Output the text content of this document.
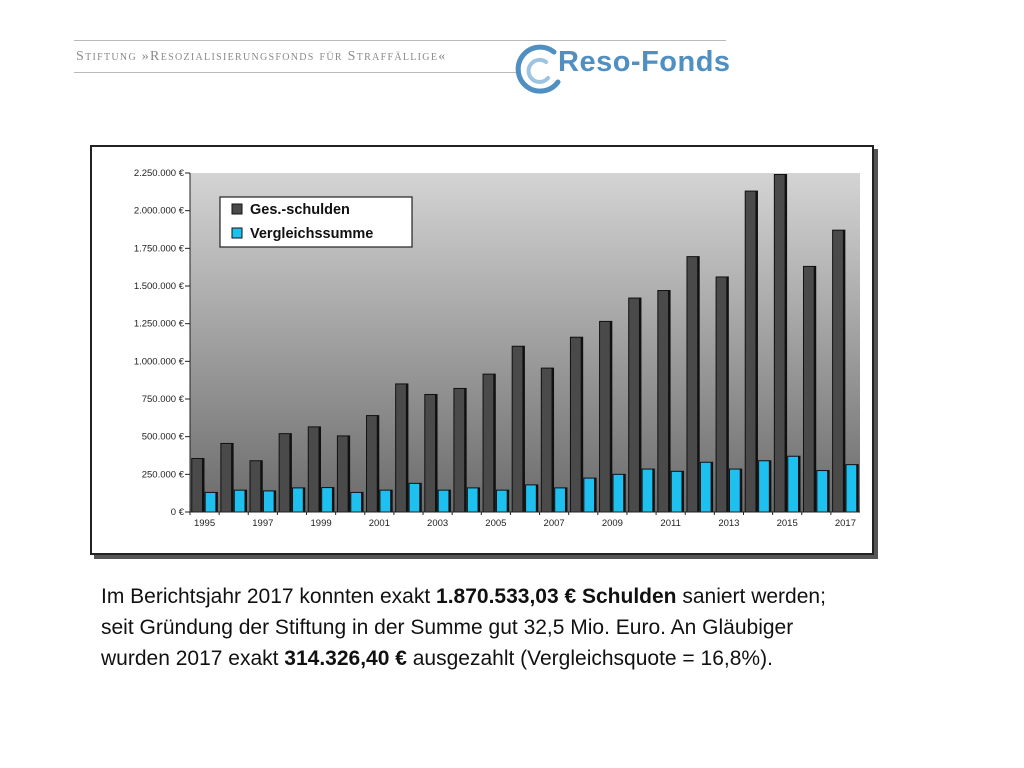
Stiftung »Resozialisierungsfonds für Straffällige«	Reso-Fonds
0 €
250.000 €
500.000 €
750.000 €
1.000.000 €
1.250.000 €
1.500.000 €
1.750.000 €
2.000.000 €
2.250.000 €
1995	1997	1999	2001	2003	2005	2007	2009	2011	2013	2015	2017
Ges.-schulden
Vergleichssumme
Im Berichtsjahr 2017 konnten exakt 1.870.533,03 € Schulden saniert werden;
seit Gründung der Stiftung in der Summe gut 32,5 Mio. Euro. An Gläubiger
wurden 2017 exakt 314.326,40 € ausgezahlt (Vergleichsquote = 16,8%).
